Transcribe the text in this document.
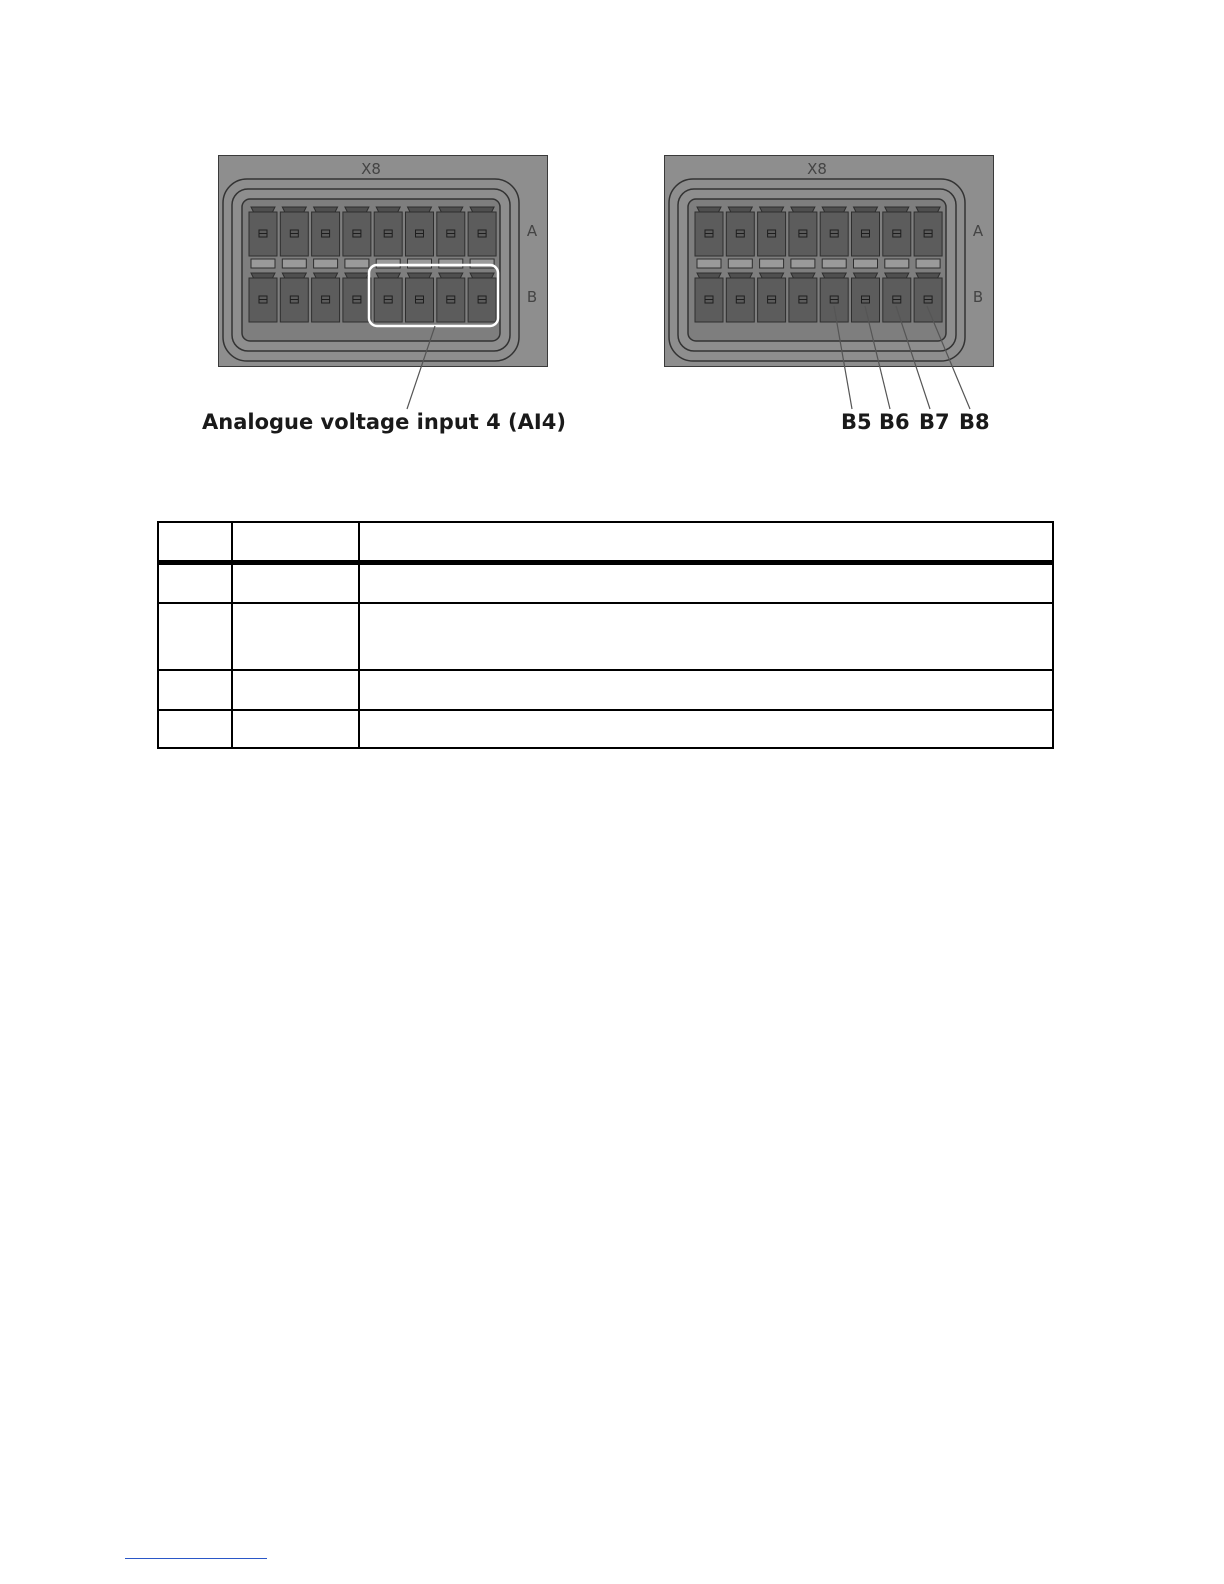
X8
A
B
X8
A
B
Analogue voltage input 4 (AI4)	B5 B6 B7 B8
